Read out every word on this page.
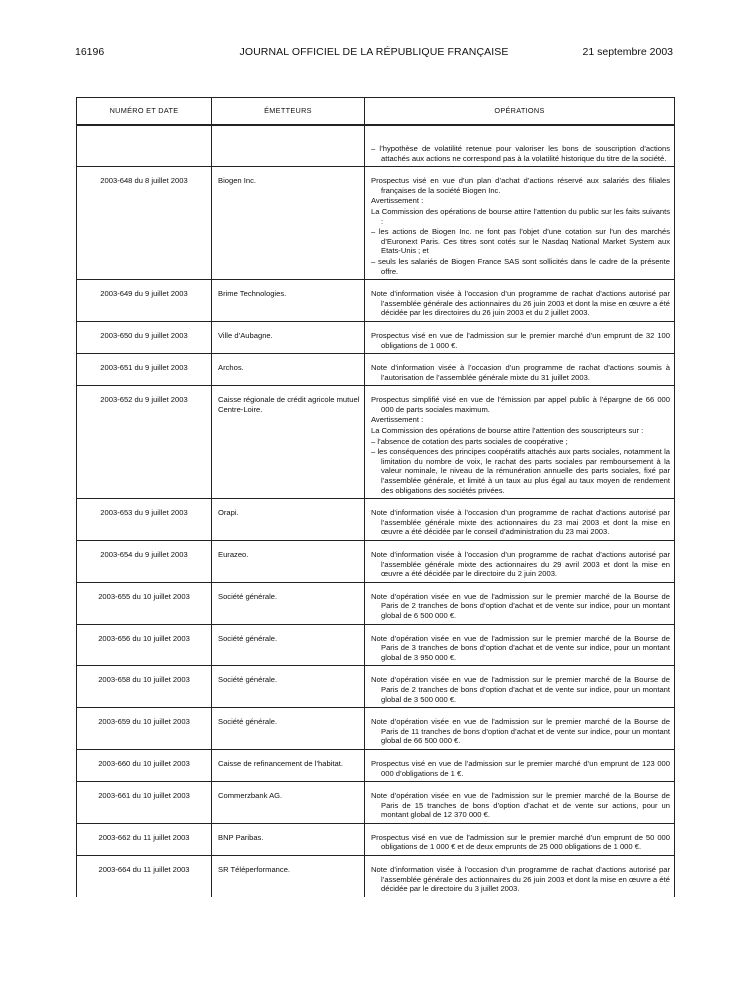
16196	JOURNAL OFFICIEL DE LA RÉPUBLIQUE FRANÇAISE	21 septembre 2003
NUMÉRO ET DATE	ÉMETTEURS	OPÉRATIONS

		– l’hypothèse de volatilité retenue pour valoriser les bons de souscription d’actions attachés aux actions ne correspond pas à la volatilité historique du titre de la société.

2003-648 du 8 juillet 2003	Biogen Inc.	Prospectus visé en vue d’un plan d’achat d’actions réservé aux salariés des filiales françaises de la société Biogen Inc.

Avertissement :

La Commission des opérations de bourse attire l’attention du public sur les faits suivants :

– les actions de Biogen Inc. ne font pas l’objet d’une cotation sur l’un des marchés d’Euronext Paris. Ces titres sont cotés sur le Nasdaq National Market System aux Etats-Unis ; et

– seuls les salariés de Biogen France SAS sont sollicités dans le cadre de la présente offre.

2003-649 du 9 juillet 2003	Brime Technologies.	Note d’information visée à l’occasion d’un programme de rachat d’actions autorisé par l’assemblée générale des actionnaires du 26 juin 2003 et dont la mise en œuvre a été décidée par les directoires du 26 juin 2003 et du 2 juillet 2003.

2003-650 du 9 juillet 2003	Ville d’Aubagne.	Prospectus visé en vue de l’admission sur le premier marché d’un emprunt de 32 100 obligations de 1 000 €.

2003-651 du 9 juillet 2003	Archos.	Note d’information visée à l’occasion d’un programme de rachat d’actions soumis à l’autorisation de l’assemblée générale mixte du 31 juillet 2003.

2003-652 du 9 juillet 2003	Caisse régionale de crédit agricole mutuel Centre-Loire.	Prospectus simplifié visé en vue de l’émission par appel public à l’épargne de 66 000 000 de parts sociales maximum.

Avertissement :

La Commission des opérations de bourse attire l’attention des souscripteurs sur :

– l’absence de cotation des parts sociales de coopérative ;

– les conséquences des principes coopératifs attachés aux parts sociales, notamment la limitation du nombre de voix, le rachat des parts sociales par remboursement à la valeur nominale, le niveau de la rémunération annuelle des parts sociales, fixé par l’assemblée générale, et limité à un taux au plus égal au taux moyen de rendement des obligations des sociétés privées.

2003-653 du 9 juillet 2003	Orapi.	Note d’information visée à l’occasion d’un programme de rachat d’actions autorisé par l’assemblée générale mixte des actionnaires du 23 mai 2003 et dont la mise en œuvre a été décidée par le conseil d’administration du 23 mai 2003.

2003-654 du 9 juillet 2003	Eurazeo.	Note d’information visée à l’occasion d’un programme de rachat d’actions autorisé par l’assemblée générale mixte des actionnaires du 29 avril 2003 et dont la mise en œuvre a été décidée par le directoire du 2 juin 2003.

2003-655 du 10 juillet 2003	Société générale.	Note d’opération visée en vue de l’admission sur le premier marché de la Bourse de Paris de 2 tranches de bons d’option d’achat et de vente sur indice, pour un montant global de 6 500 000 €.

2003-656 du 10 juillet 2003	Société générale.	Note d’opération visée en vue de l’admission sur le premier marché de la Bourse de Paris de 3 tranches de bons d’option d’achat et de vente sur indice, pour un montant global de 3 950 000 €.

2003-658 du 10 juillet 2003	Société générale.	Note d’opération visée en vue de l’admission sur le premier marché de la Bourse de Paris de 2 tranches de bons d’option d’achat et de vente sur indice, pour un montant global de 3 500 000 €.

2003-659 du 10 juillet 2003	Société générale.	Note d’opération visée en vue de l’admission sur le premier marché de la Bourse de Paris de 11 tranches de bons d’option d’achat et de vente sur indice, pour un montant global de 66 500 000 €.

2003-660 du 10 juillet 2003	Caisse de refinancement de l’habitat.	Prospectus visé en vue de l’admission sur le premier marché d’un emprunt de 123 000 000 d’obligations de 1 €.

2003-661 du 10 juillet 2003	Commerzbank AG.	Note d’opération visée en vue de l’admission sur le premier marché de la Bourse de Paris de 15 tranches de bons d’option d’achat et de vente sur actions, pour un montant global de 12 370 000 €.

2003-662 du 11 juillet 2003	BNP Paribas.	Prospectus visé en vue de l’admission sur le premier marché d’un emprunt de 50 000 obligations de 1 000 € et de deux emprunts de 25 000 obligations de 1 000 €.

2003-664 du 11 juillet 2003	SR Téléperformance.	Note d’information visée à l’occasion d’un programme de rachat d’actions autorisé par l’assemblée générale des actionnaires du 26 juin 2003 et dont la mise en œuvre a été décidée par le directoire du 3 juillet 2003.
